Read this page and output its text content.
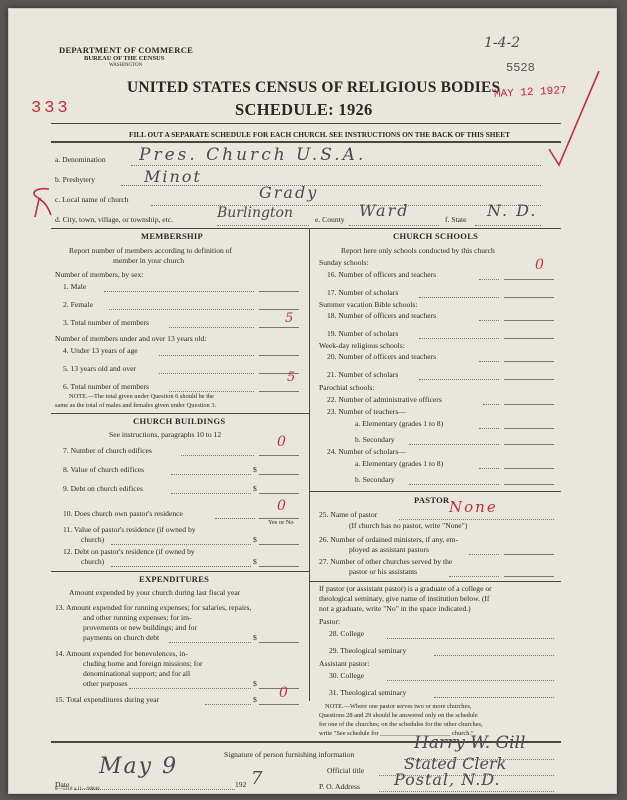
DEPARTMENT OF COMMERCE
BUREAU OF THE CENSUS
WASHINGTON
1-4-2
5528
MAY 12 1927
333
UNITED STATES CENSUS OF RELIGIOUS BODIES
SCHEDULE: 1926
FILL OUT A SEPARATE SCHEDULE FOR EACH CHURCH. SEE INSTRUCTIONS ON THE BACK OF THIS SHEET
a. Denomination Pres. Church U.S.A.
b. Presbytery	Minot
c. Local name of church	Grady
d. City, town, village, or township, etc.	Burlington	e. County Ward	f. State N. D.
MEMBERSHIP
Report number of members according to definition of
member in your church
Number of members, by sex:
1. Male
2. Female
3. Total number of members	5
Number of members under and over 13 years old:
4. Under 13 years of age
5. 13 years old and over
6. Total number of members
5
NOTE.—The total given under Question 6 should be the
same as the total of males and females given under Question 3.
CHURCH BUILDINGS
See instructions, paragraphs 10 to 12
7. Number of church edifices
0
8. Value of church edifices	$
9. Debt on church edifices	$
10. Does church own pastor's residence	0
Yes or No
11. Value of pastor's residence (if owned by
church)	$
12. Debt on pastor's residence (if owned by
church)	$
EXPENDITURES
Amount expended by your church during last fiscal year
13. Amount expended for running expenses; for salaries, repairs,
and other running expenses; for im-
provements or new buildings; and for
payments on church debt	$
14. Amount expended for benevolences, in-
cluding home and foreign missions; for
denominational support; and for all
other purposes	$
15. Total expenditures during year	$ 0
CHURCH SCHOOLS
Report here only schools conducted by this church
Sunday schools:
16. Number of officers and teachers
0
17. Number of scholars
Summer vacation Bible schools:
18. Number of officers and teachers
19. Number of scholars
Week-day religious schools:
20. Number of officers and teachers
21. Number of scholars
Parochial schools:
22. Number of administrative officers
23. Number of teachers—
a. Elementary (grades 1 to 8)
b. Secondary
24. Number of scholars—
a. Elementary (grades 1 to 8)
b. Secondary
PASTOR
25. Name of pastor	None
(If church has no pastor, write "None")
26. Number of ordained ministers, if any, em-
ployed as assistant pastors
27. Number of other churches served by the
pastor or his assistants
If pastor (or assistant pastor) is a graduate of a college or
theological seminary, give name of institution below. (If
not a graduate, write "No" in the space indicated.)
Pastor:
28. College
29. Theological seminary
Assistant pastor:
30. College
31. Theological seminary
NOTE.—Where one pastor serves two or more churches,
Questions 28 and 29 should be answered only on the schedule
for one of the churches; on the schedules for the other churches,
write "See schedule for ______________________ church."
Signature of person furnishing information
Harry W. Gill
Official title Stated Clerk
P. O. Address Postal, N.D.
Date
May 9
192 7
8—5318 a 11—9084d
